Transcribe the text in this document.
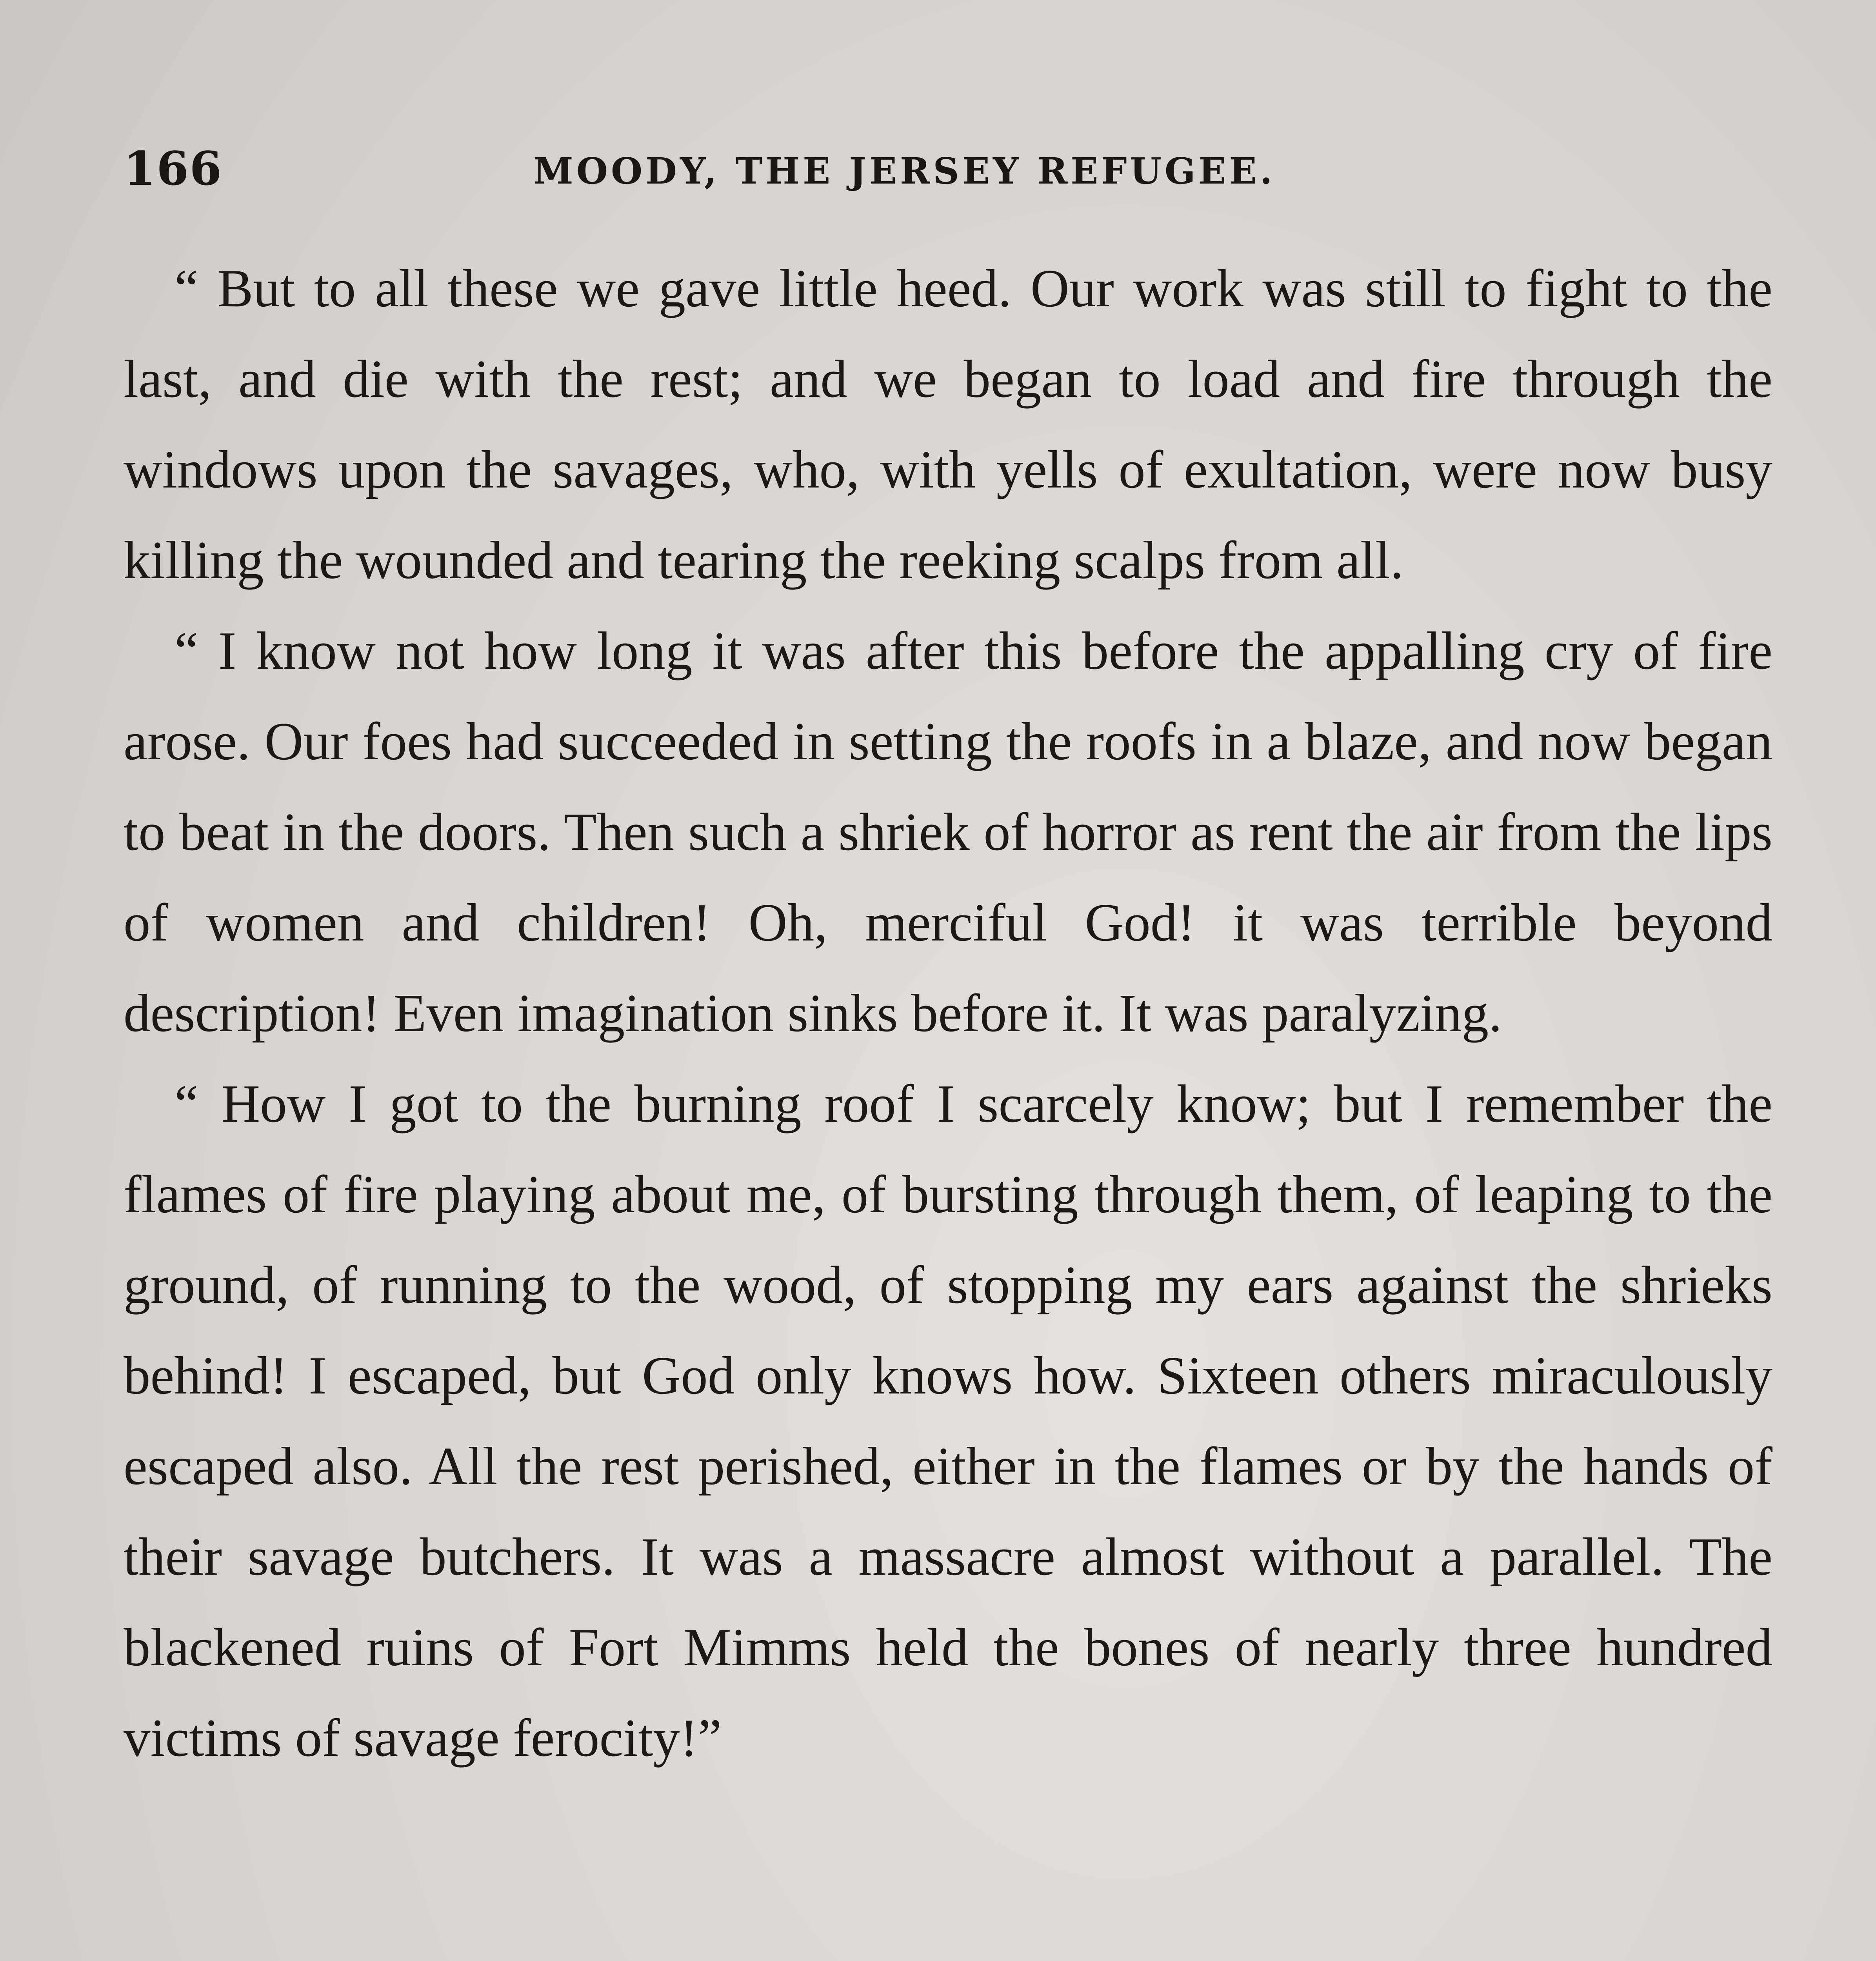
166	MOODY, THE JERSEY REFUGEE.

“ But to all these we gave little heed. Our work was still to fight to the last, and die with the rest; and we began to load and fire through the windows upon the savages, who, with yells of exultation, were now busy killing the wounded and tearing the reeking scalps from all.

“ I know not how long it was after this before the appalling cry of fire arose. Our foes had succeeded in setting the roofs in a blaze, and now began to beat in the doors. Then such a shriek of horror as rent the air from the lips of women and children! Oh, merciful God! it was terrible beyond description! Even imagination sinks before it. It was paralyzing.

“ How I got to the burning roof I scarcely know; but I remember the flames of fire playing about me, of bursting through them, of leaping to the ground, of running to the wood, of stopping my ears against the shrieks behind! I escaped, but God only knows how. Sixteen others miraculously escaped also. All the rest perished, either in the flames or by the hands of their savage butchers. It was a massacre almost without a parallel. The blackened ruins of Fort Mimms held the bones of nearly three hundred victims of savage ferocity!”
